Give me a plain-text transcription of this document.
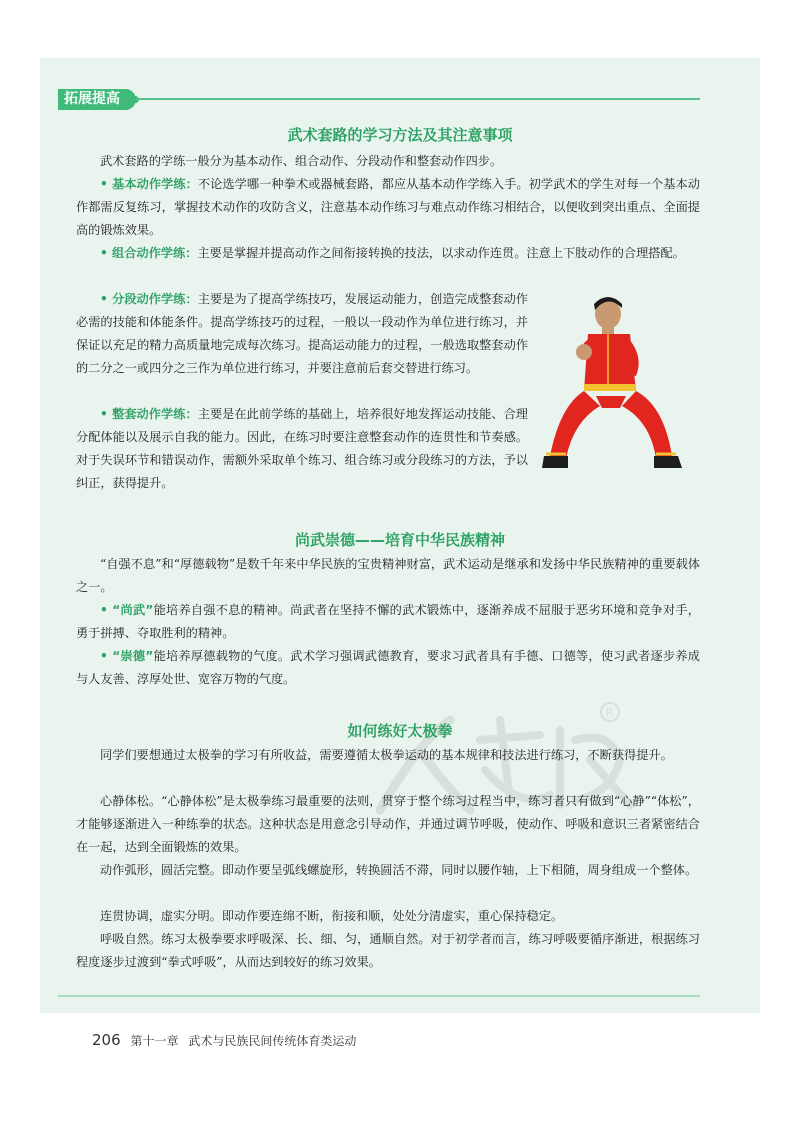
拓展提高
R
武术套路的学习方法及其注意事项

武术套路的学练一般分为基本动作、组合动作、分段动作和整套动作四步。

• 基本动作学练：不论选学哪一种拳术或器械套路，都应从基本动作学练入手。初学武术的学生对每一个基本动作都需反复练习，掌握技术动作的攻防含义，注意基本动作练习与难点动作练习相结合，以便收到突出重点、全面提高的锻炼效果。

• 组合动作学练：主要是掌握并提高动作之间衔接转换的技法，以求动作连贯。注意上下肢动作的合理搭配。

• 分段动作学练：主要是为了提高学练技巧，发展运动能力，创造完成整套动作必需的技能和体能条件。提高学练技巧的过程，一般以一段动作为单位进行练习，并保证以充足的精力高质量地完成每次练习。提高运动能力的过程，一般选取整套动作的二分之一或四分之三作为单位进行练习，并要注意前后套交替进行练习。

• 整套动作学练：主要是在此前学练的基础上，培养很好地发挥运动技能、合理分配体能以及展示自我的能力。因此，在练习时要注意整套动作的连贯性和节奏感。对于失误环节和错误动作，需额外采取单个练习、组合练习或分段练习的方法，予以纠正，获得提升。

尚武崇德——培育中华民族精神

“自强不息”和“厚德载物”是数千年来中华民族的宝贵精神财富，武术运动是继承和发扬中华民族精神的重要载体之一。

• “尚武”能培养自强不息的精神。尚武者在坚持不懈的武术锻炼中，逐渐养成不屈服于恶劣环境和竞争对手，勇于拼搏、夺取胜利的精神。

• “崇德”能培养厚德载物的气度。武术学习强调武德教育，要求习武者具有手德、口德等，使习武者逐步养成与人友善、淳厚处世、宽容万物的气度。

如何练好太极拳

同学们要想通过太极拳的学习有所收益，需要遵循太极拳运动的基本规律和技法进行练习，不断获得提升。

心静体松。“心静体松”是太极拳练习最重要的法则，贯穿于整个练习过程当中，练习者只有做到“心静”“体松”，才能够逐渐进入一种练拳的状态。这种状态是用意念引导动作，并通过调节呼吸，使动作、呼吸和意识三者紧密结合在一起，达到全面锻炼的效果。

动作弧形，圆活完整。即动作要呈弧线螺旋形，转换圆活不滞，同时以腰作轴，上下相随，周身组成一个整体。

连贯协调，虚实分明。即动作要连绵不断，衔接和顺，处处分清虚实，重心保持稳定。

呼吸自然。练习太极拳要求呼吸深、长、细、匀，通顺自然。对于初学者而言，练习呼吸要循序渐进，根据练习程度逐步过渡到“拳式呼吸”，从而达到较好的练习效果。

206 第十一章 武术与民族民间传统体育类运动
